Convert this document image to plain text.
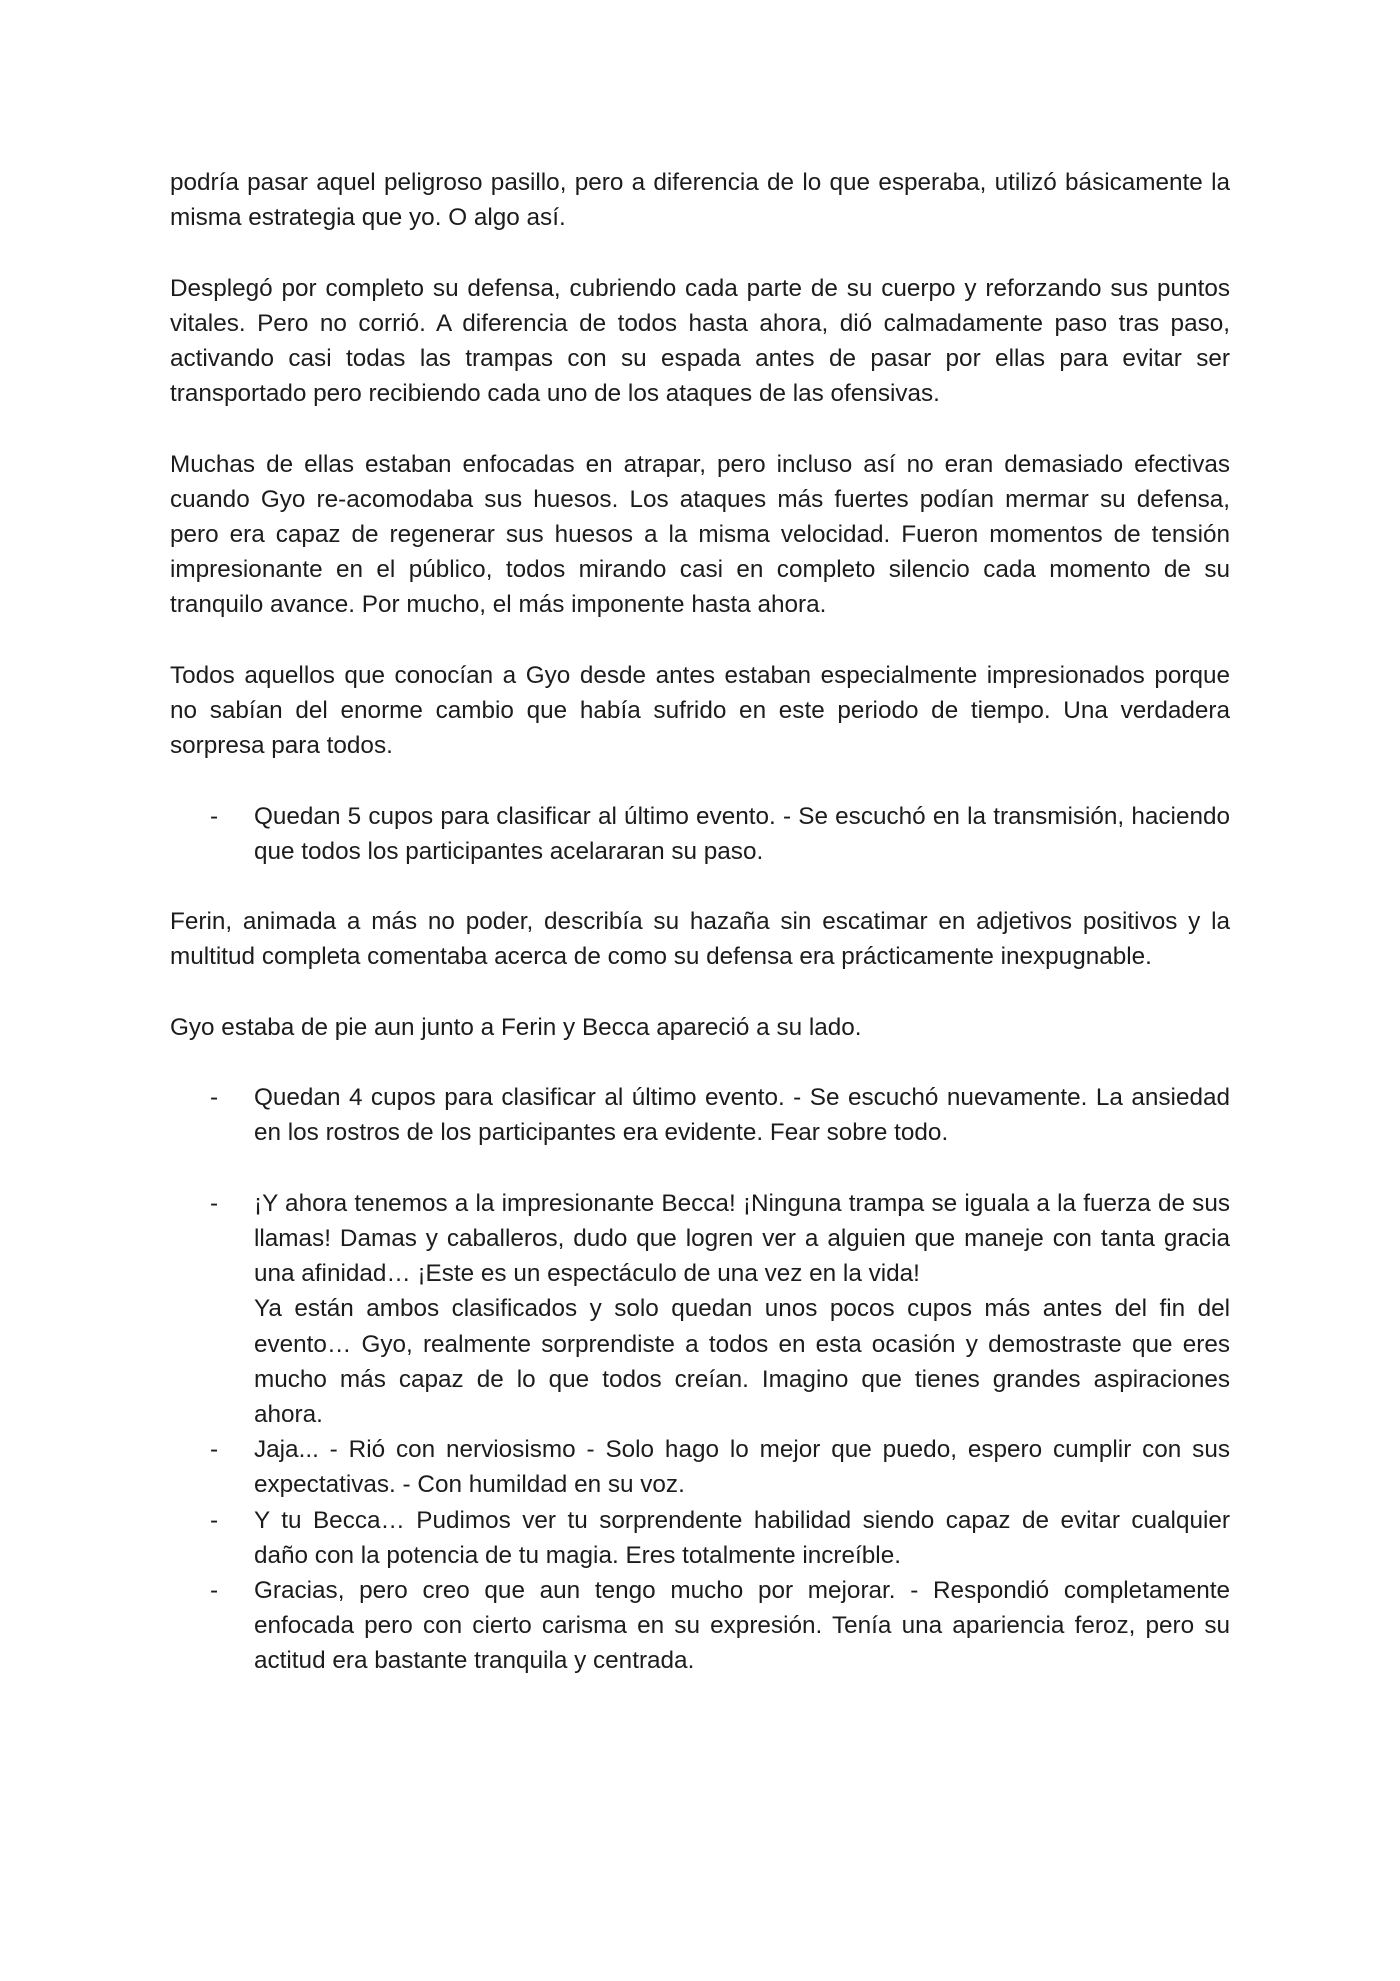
podría pasar aquel peligroso pasillo, pero a diferencia de lo que esperaba, utilizó básicamente la misma estrategia que yo. O algo así.

Desplegó por completo su defensa, cubriendo cada parte de su cuerpo y reforzando sus puntos vitales. Pero no corrió. A diferencia de todos hasta ahora, dió calmadamente paso tras paso, activando casi todas las trampas con su espada antes de pasar por ellas para evitar ser transportado pero recibiendo cada uno de los ataques de las ofensivas.

Muchas de ellas estaban enfocadas en atrapar, pero incluso así no eran demasiado efectivas cuando Gyo re-acomodaba sus huesos. Los ataques más fuertes podían mermar su defensa, pero era capaz de regenerar sus huesos a la misma velocidad. Fueron momentos de tensión impresionante en el público, todos mirando casi en completo silencio cada momento de su tranquilo avance. Por mucho, el más imponente hasta ahora.

Todos aquellos que conocían a Gyo desde antes estaban especialmente impresionados porque no sabían del enorme cambio que había sufrido en este periodo de tiempo. Una verdadera sorpresa para todos.

- Quedan 5 cupos para clasificar al último evento. - Se escuchó en la transmisión, haciendo que todos los participantes acelararan su paso.

Ferin, animada a más no poder, describía su hazaña sin escatimar en adjetivos positivos y la multitud completa comentaba acerca de como su defensa era prácticamente inexpugnable.

Gyo estaba de pie aun junto a Ferin y Becca apareció a su lado.

- Quedan 4 cupos para clasificar al último evento. - Se escuchó nuevamente. La ansiedad en los rostros de los participantes era evidente. Fear sobre todo.
- ¡Y ahora tenemos a la impresionante Becca! ¡Ninguna trampa se iguala a la fuerza de sus llamas! Damas y caballeros, dudo que logren ver a alguien que maneje con tanta gracia una afinidad… ¡Este es un espectáculo de una vez en la vida!
Ya están ambos clasificados y solo quedan unos pocos cupos más antes del fin del evento… Gyo, realmente sorprendiste a todos en esta ocasión y demostraste que eres mucho más capaz de lo que todos creían. Imagino que tienes grandes aspiraciones ahora.
- Jaja... - Rió con nerviosismo - Solo hago lo mejor que puedo, espero cumplir con sus expectativas. - Con humildad en su voz.
- Y tu Becca… Pudimos ver tu sorprendente habilidad siendo capaz de evitar cualquier daño con la potencia de tu magia. Eres totalmente increíble.
- Gracias, pero creo que aun tengo mucho por mejorar. - Respondió completamente enfocada pero con cierto carisma en su expresión. Tenía una apariencia feroz, pero su actitud era bastante tranquila y centrada.
